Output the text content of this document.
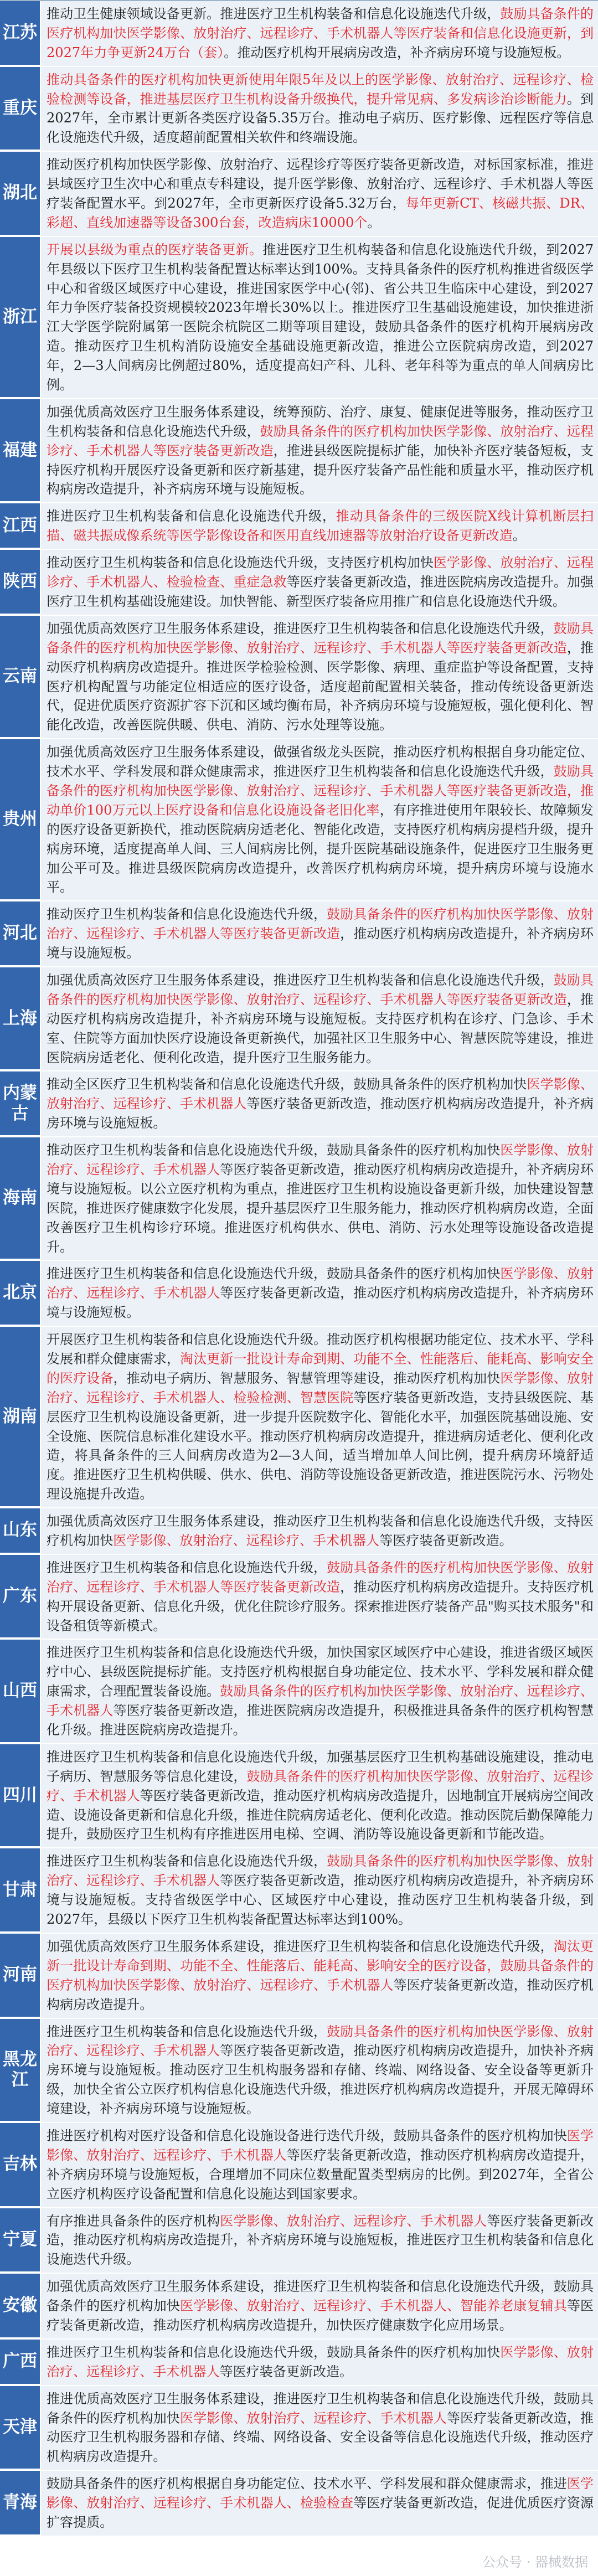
江苏
推动卫生健康领域设备更新。推进医疗卫生机构装备和信息化设施迭代升级，鼓励具备条件的医疗机构加快医学影像、放射治疗、远程诊疗、手术机器人等医疗装备和信息化设施更新，到2027年力争更新24万台（套）。推动医疗机构开展病房改造，补齐病房环境与设施短板。
重庆
推动具备条件的医疗机构加快更新使用年限5年及以上的医学影像、放射治疗、远程诊疗、检验检测等设备，推进基层医疗卫生机构设备升级换代，提升常见病、多发病诊治诊断能力。到2027年，全市累计更新各类医疗设备5.35万台。推动电子病历、医疗影像、远程医疗等信息化设施迭代升级，适度超前配置相关软件和终端设施。
湖北
推动医疗机构加快医学影像、放射治疗、远程诊疗等医疗装备更新改造，对标国家标准，推进县域医疗卫生次中心和重点专科建设，提升医学影像、放射治疗、远程诊疗、手术机器人等医疗装备配置水平。到2027年，全市更新医疗设备5.32万台，每年更新CT、核磁共振、DR、彩超、直线加速器等设备300台套，改造病床10000个。
浙江
开展以县级为重点的医疗装备更新。推进医疗卫生机构装备和信息化设施迭代升级，到2027年县级以下医疗卫生机构装备配置达标率达到100%。支持具备条件的医疗机构推进省级医学中心和省级区域医疗中心建设，推进国家医学中心(邻)、省公共卫生临床中心建设，到2027年力争医疗装备投资规模较2023年增长30%以上。推进医疗卫生基础设施建设，加快推进浙江大学医学院附属第一医院余杭院区二期等项目建设，鼓励具备条件的医疗机构开展病房改造。推动医疗卫生机构消防设施安全基础设施更新改造，推进公立医院病房改造，到2027年，2—3人间病房比例超过80%，适度提高妇产科、儿科、老年科等为重点的单人间病房比例。
福建
加强优质高效医疗卫生服务体系建设，统筹预防、治疗、康复、健康促进等服务，推动医疗卫生机构装备和信息化设施迭代升级，鼓励具备条件的医疗机构加快医学影像、放射治疗、远程诊疗、手术机器人等医疗装备更新改造，推进县级医院提标扩能，加快补齐医疗装备短板，支持医疗机构开展医疗设备更新和医疗新基建，提升医疗装备产品性能和质量水平，推动医疗机构病房改造提升，补齐病房环境与设施短板。
江西 推进医疗卫生机构装备和信息化设施迭代升级，推动具备条件的三级医院X线计算机断层扫描、磁共振成像系统等医学影像设备和医用直线加速器等放射治疗设备更新改造。
陕西
推动医疗卫生机构装备和信息化设施迭代升级，支持医疗机构加快医学影像、放射治疗、远程诊疗、手术机器人、检验检查、重症急救等医疗装备更新改造，推进医院病房改造提升。加强医疗卫生机构基础设施建设。加快智能、新型医疗装备应用推广和信息化设施迭代升级。
云南
加强优质高效医疗卫生服务体系建设，推进医疗卫生机构装备和信息化设施迭代升级，鼓励具备条件的医疗机构加快医学影像、放射治疗、远程诊疗、手术机器人等医疗装备更新改造，推动医疗机构病房改造提升。推进医学检验检测、医学影像、病理、重症监护等设备配置，支持医疗机构配置与功能定位相适应的医疗设备，适度超前配置相关装备，推动传统设备更新迭代，促进优质医疗资源扩容下沉和区域均衡布局，补齐病房环境与设施短板，强化便利化、智能化改造，改善医院供暖、供电、消防、污水处理等设施。
贵州
加强优质高效医疗卫生服务体系建设，做强省级龙头医院，推动医疗机构根据自身功能定位、技术水平、学科发展和群众健康需求，推进医疗卫生机构装备和信息化设施迭代升级，鼓励具备条件的医疗机构加快医学影像、放射治疗、远程诊疗、手术机器人等医疗装备更新改造，推动单价100万元以上医疗设备和信息化设施设备老旧化率，有序推进使用年限较长、故障频发的医疗设备更新换代，推动医院病房适老化、智能化改造，支持医疗机构病房提档升级，提升病房环境，适度提高单人间、三人间病房比例，提升医院基础设施条件，促进医疗卫生服务更加公平可及。推进县级医院病房改造提升，改善医疗机构病房环境，提升病房环境与设施水平。
河北
推动医疗卫生机构装备和信息化设施迭代升级，鼓励具备条件的医疗机构加快医学影像、放射治疗、远程诊疗、手术机器人等医疗装备更新改造，推动医疗机构病房改造提升，补齐病房环境与设施短板。
上海
加强优质高效医疗卫生服务体系建设，推进医疗卫生机构装备和信息化设施迭代升级，鼓励具备条件的医疗机构加快医学影像、放射治疗、远程诊疗、手术机器人等医疗装备更新改造，推动医疗机构病房改造提升，补齐病房环境与设施短板。支持医疗机构在诊疗、门急诊、手术室、住院等方面加快医疗设施设备更新换代，加强社区卫生服务中心、智慧医院等建设，推进医院病房适老化、便利化改造，提升医疗卫生服务能力。
内蒙古
推动全区医疗卫生机构装备和信息化设施迭代升级，鼓励具备条件的医疗机构加快医学影像、放射治疗、远程诊疗、手术机器人等医疗装备更新改造，推动医疗机构病房改造提升，补齐病房环境与设施短板。
海南
推动医疗卫生机构装备和信息化设施迭代升级，鼓励具备条件的医疗机构加快医学影像、放射治疗、远程诊疗、手术机器人等医疗装备更新改造，推动医疗机构病房改造提升，补齐病房环境与设施短板。以公立医疗机构为重点，推进医疗卫生机构设施设备更新升级，加快建设智慧医院，推进医疗健康数字化发展，提升基层医疗卫生服务能力，推动医疗机构病房改造，全面改善医疗卫生机构诊疗环境。推进医疗机构供水、供电、消防、污水处理等设施设备改造提升。
北京
推进医疗卫生机构装备和信息化设施迭代升级，鼓励具备条件的医疗机构加快医学影像、放射治疗、远程诊疗、手术机器人等医疗装备更新改造，推动医疗机构病房改造提升，补齐病房环境与设施短板。
湖南
开展医疗卫生机构装备和信息化设施迭代升级。推动医疗机构根据功能定位、技术水平、学科发展和群众健康需求，淘汰更新一批设计寿命到期、功能不全、性能落后、能耗高、影响安全的医疗设备，推动电子病历、智慧服务、智慧管理等建设，推动医疗机构加快医学影像、放射治疗、远程诊疗、手术机器人、检验检测、智慧医院等医疗装备更新改造，支持县级医院、基层医疗卫生机构设施设备更新，进一步提升医院数字化、智能化水平，加强医院基础设施、安全设施、医院信息标准化建设水平。推动医疗机构病房改造提升，推进病房适老化、便利化改造，将具备条件的三人间病房改造为2—3人间，适当增加单人间比例，提升病房环境舒适度。推进医疗卫生机构供暖、供水、供电、消防等设施设备更新改造，推进医院污水、污物处理设施提升改造。
山东 加强优质高效医疗卫生服务体系建设，推动医疗卫生机构装备和信息化设施迭代升级，支持医疗机构加快医学影像、放射治疗、远程诊疗、手术机器人等医疗装备更新改造。
广东
推进医疗卫生机构装备和信息化设施迭代升级，鼓励具备条件的医疗机构加快医学影像、放射治疗、远程诊疗、手术机器人等医疗装备更新改造，推动医疗机构病房改造提升。支持医疗机构开展设备更新、信息化升级，优化住院诊疗服务。探索推进医疗装备产品"购买技术服务"和设备租赁等新模式。
山西
推进医疗卫生机构装备和信息化设施迭代升级，加快国家区域医疗中心建设，推进省级区域医疗中心、县级医院提标扩能。支持医疗机构根据自身功能定位、技术水平、学科发展和群众健康需求，合理配置装备设施。鼓励具备条件的医疗机构加快医学影像、放射治疗、远程诊疗、手术机器人等医疗装备更新改造，推进医院病房改造提升，积极推进具备条件的医疗机构智慧化升级。推进医院病房改造提升。
四川
推进医疗卫生机构装备和信息化设施迭代升级，加强基层医疗卫生机构基础设施建设，推动电子病历、智慧服务等信息化建设，鼓励具备条件的医疗机构加快医学影像、放射治疗、远程诊疗、手术机器人等医疗装备更新改造，推动医疗机构病房改造提升，因地制宜开展病房空间改造、设施设备更新和信息化升级，推进住院病房适老化、便利化改造。推动医院后勤保障能力提升，鼓励医疗卫生机构有序推进医用电梯、空调、消防等设施设备更新和节能改造。
甘肃
推进医疗卫生机构装备和信息化设施迭代升级，鼓励具备条件的医疗机构加快医学影像、放射治疗、远程诊疗、手术机器人等医疗装备更新改造，推动医疗机构病房改造提升，补齐病房环境与设施短板。支持省级医学中心、区域医疗中心建设，推动医疗卫生机构装备升级，到2027年，县级以下医疗卫生机构装备配置达标率达到100%。
河南
加强优质高效医疗卫生服务体系建设，推进医疗卫生机构装备和信息化设施迭代升级，淘汰更新一批设计寿命到期、功能不全、性能落后、能耗高、影响安全的医疗设备，鼓励具备条件的医疗机构加快医学影像、放射治疗、远程诊疗、手术机器人等医疗装备更新改造，推动医疗机构病房改造提升。
黑龙江
推进医疗卫生机构装备和信息化设施迭代升级，鼓励具备条件的医疗机构加快医学影像、放射治疗、远程诊疗、手术机器人等医疗装备更新改造，推动医疗机构病房改造提升，加快补齐病房环境与设施短板。推动医疗卫生机构服务器和存储、终端、网络设备、安全设备等更新升级，加快全省公立医疗机构信息化设施迭代升级，推进医疗机构病房改造提升，开展无障碍环境建设，补齐病房环境与设施短板。
吉林
推进医疗机构对医疗设备和信息化设施设备进行迭代升级，鼓励具备条件的医疗机构加快医学影像、放射治疗、远程诊疗、手术机器人等医疗装备更新改造，推动医疗机构病房改造提升，补齐病房环境与设施短板，合理增加不同床位数量配置类型病房的比例。到2027年，全省公立医疗机构医疗设备配置和信息化设施达到国家要求。
宁夏
有序推进具备条件的医疗机构医学影像、放射治疗、远程诊疗、手术机器人等医疗装备更新改造，推动医疗机构病房改造提升，补齐病房环境与设施短板，推进医疗卫生机构装备和信息化设施迭代升级。
安徽
加强优质高效医疗卫生服务体系建设，推进医疗卫生机构装备和信息化设施迭代升级，鼓励具备条件的医疗机构加快医学影像、放射治疗、远程诊疗、手术机器人、智能养老康复辅具等医疗装备更新改造，推动医疗机构病房改造提升，加快医疗健康数字化应用场景。
广西 推进医疗卫生机构装备和信息化设施迭代升级，鼓励具备条件的医疗机构加快医学影像、放射治疗、远程诊疗、手术机器人等医疗装备更新改造。
天津
推进优质高效医疗卫生服务体系建设，推进医疗卫生机构装备和信息化设施迭代升级，鼓励具备条件的医疗机构加快医学影像、放射治疗、远程诊疗、手术机器人等医疗装备更新改造，推动医疗卫生机构服务器和存储、终端、网络设备、安全设备等信息化设施迭代升级，推动医疗机构病房改造提升。
青海
鼓励具备条件的医疗机构根据自身功能定位、技术水平、学科发展和群众健康需求，推进医学影像、放射治疗、远程诊疗、手术机器人、检验检查等医疗装备更新改造，促进优质医疗资源扩容提质。
公众号 · 器械数据
